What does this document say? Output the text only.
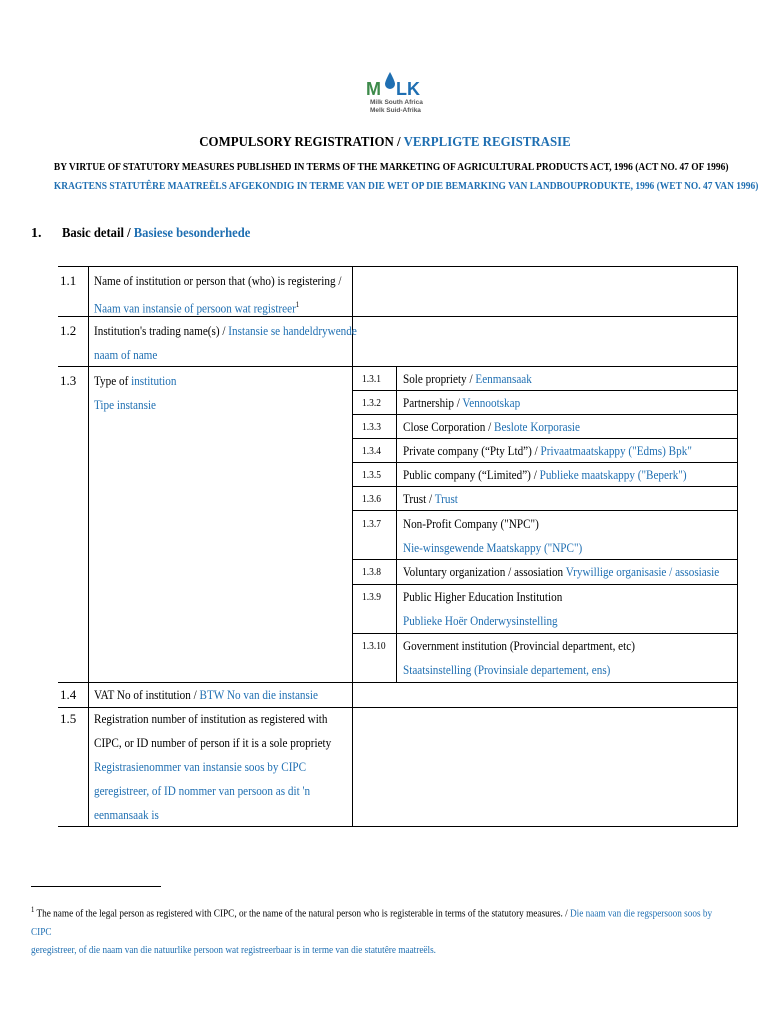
M LK
Milk South Africa
Melk Suid-Afrika
COMPULSORY REGISTRATION / VERPLIGTE REGISTRASIE
BY VIRTUE OF STATUTORY MEASURES PUBLISHED IN TERMS OF THE MARKETING OF AGRICULTURAL PRODUCTS ACT, 1996 (ACT NO. 47 OF 1996)
KRAGTENS STATUTÊRE MAATREËLS AFGEKONDIG IN TERME VAN DIE WET OP DIE BEMARKING VAN LANDBOUPRODUKTE, 1996 (WET NO. 47 VAN 1996)
1. Basic detail / Basiese besonderhede
1.1 Name of institution or person that (who) is registering /
Naam van instansie of persoon wat registreer$^1$
1.2 Institution's trading name(s) / Instansie se handeldrywende
naam of name
1.3 Type of institution
Tipe instansie
1.3.1 Sole propriety / Eenmansaak
1.3.2 Partnership / Vennootskap
1.3.3 Close Corporation / Beslote Korporasie
1.3.4 Private company (“Pty Ltd”) / Privaatmaatskappy ("Edms) Bpk"
1.3.5 Public company (“Limited”) / Publieke maatskappy ("Beperk")
1.3.6 Trust / Trust
1.3.7 Non-Profit Company ("NPC")
Nie-winsgewende Maatskappy ("NPC")
1.3.8 Voluntary organization / assosiation Vrywillige organisasie / assosiasie
1.3.9 Public Higher Education Institution
Publieke Hoër Onderwysinstelling
1.3.10 Government institution (Provincial department, etc)
Staatsinstelling (Provinsiale departement, ens)
1.4 VAT No of institution / BTW No van die instansie
1.5 Registration number of institution as registered with
CIPC, or ID number of person if it is a sole propriety
Registrasienommer van instansie soos by CIPC
geregistreer, of ID nommer van persoon as dit 'n
eenmansaak is
$^1$ The name of the legal person as registered with CIPC, or the name of the natural person who is registerable in terms of the statutory measures. / Die naam van die regspersoon soos by CIPC
geregistreer, of die naam van die natuurlike persoon wat registreerbaar is in terme van die statutêre maatreëls.
